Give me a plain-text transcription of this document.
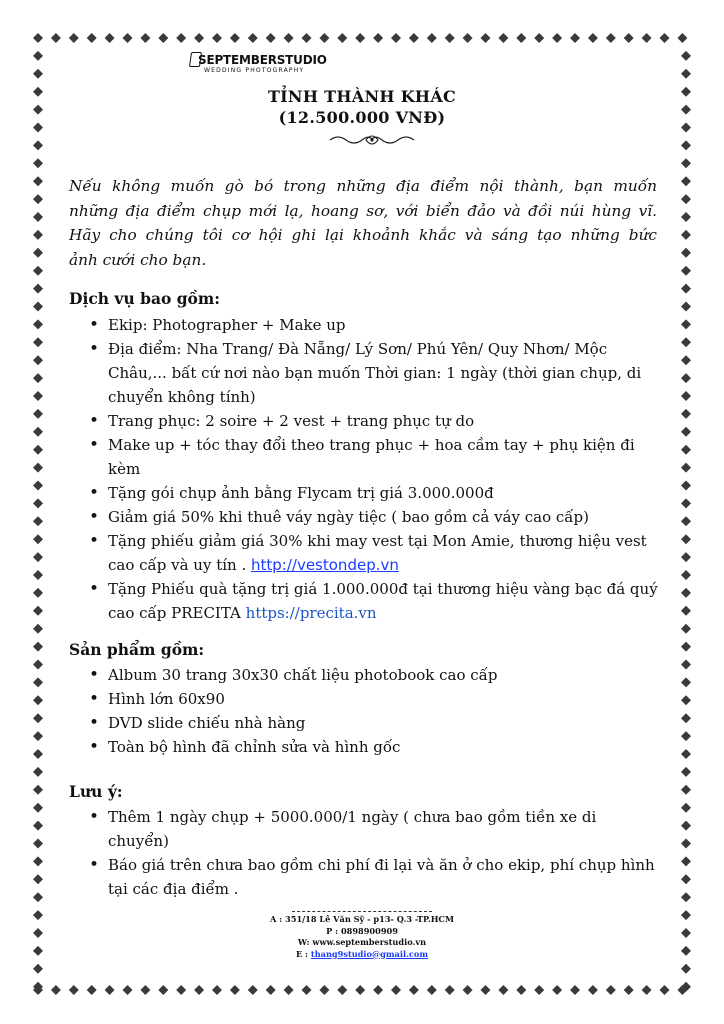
SEPTEMBERSTUDIO
WEDDING PHOTOGRAPHY
TỈNH THÀNH KHÁC
(12.500.000 VNĐ)
Nếu không muốn gò bó trong những địa điểm nội thành, bạn muốn
những địa điểm chụp mới lạ, hoang sơ, với biển đảo và đồi núi hùng vĩ.
Hãy cho chúng tôi cơ hội ghi lại khoảnh khắc và sáng tạo những bức
ảnh cưới cho bạn.
Dịch vụ bao gồm:
• Ekip: Photographer + Make up
• Địa điểm: Nha Trang/ Đà Nẵng/ Lý Sơn/ Phú Yên/ Quy Nhơn/ Mộc Châu,... bất cứ nơi nào bạn muốn Thời gian: 1 ngày (thời gian chụp, di chuyển không tính)
• Trang phục: 2 soire + 2 vest + trang phục tự do
• Make up + tóc thay đổi theo trang phục + hoa cầm tay + phụ kiện đi kèm
• Tặng gói chụp ảnh bằng Flycam trị giá 3.000.000đ
• Giảm giá 50% khi thuê váy ngày tiệc ( bao gồm cả váy cao cấp)
• Tặng phiếu giảm giá 30% khi may vest tại Mon Amie, thương hiệu vest cao cấp và uy tín . http://vestondep.vn
• Tặng Phiếu quà tặng trị giá 1.000.000đ tại thương hiệu vàng bạc đá quý cao cấp PRECITA https://precita.vn
Sản phẩm gồm:
• Album 30 trang 30x30 chất liệu photobook cao cấp
• Hình lớn 60x90
• DVD slide chiếu nhà hàng
• Toàn bộ hình đã chỉnh sửa và hình gốc
Lưu ý:
• Thêm 1 ngày chụp + 5000.000/1 ngày ( chưa bao gồm tiền xe di chuyển)
• Báo giá trên chưa bao gồm chi phí đi lại và ăn ở cho ekip, phí chụp hình tại các địa điểm .
A : 351/18 Lê Văn Sỹ - p13- Q.3 -TP.HCM
P : 0898900909
W: www.septemberstudio.vn
E : thang9studio@gmail.com
